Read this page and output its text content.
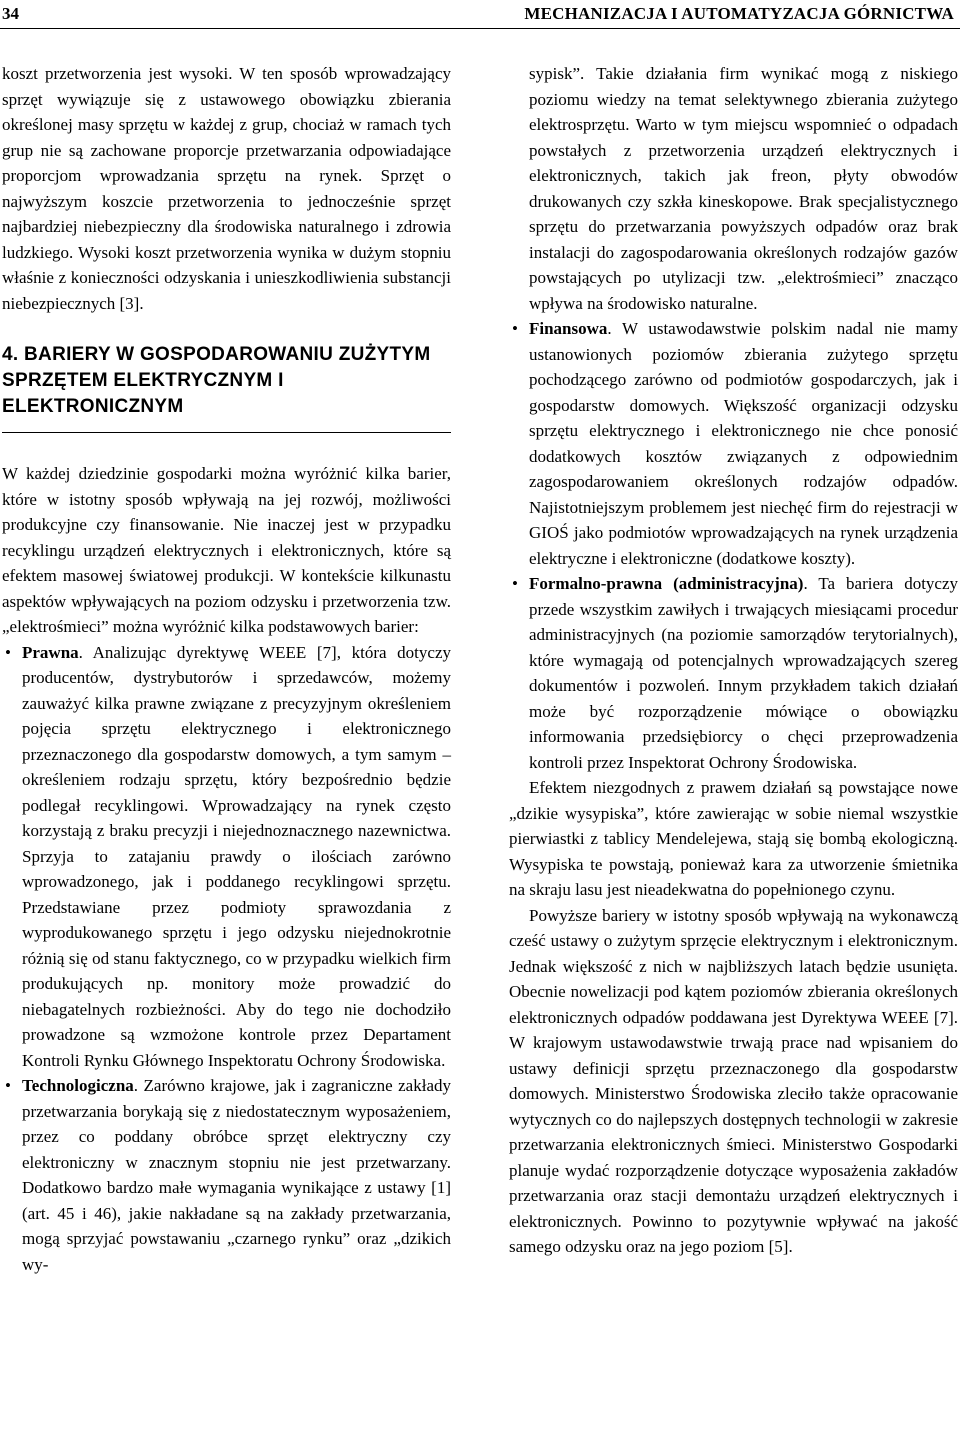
34	MECHANIZACJA I AUTOMATYZACJA GÓRNICTWA

koszt przetworzenia jest wysoki. W ten sposób wprowadzający sprzęt wywiązuje się z ustawowego obowiązku zbierania określonej masy sprzętu w każdej z grup, chociaż w ramach tych grup nie są zachowane proporcje przetwarzania odpowiadające proporcjom wprowadzania sprzętu na rynek. Sprzęt o najwyższym koszcie przetworzenia to jednocześnie sprzęt najbardziej niebezpieczny dla środowiska naturalnego i zdrowia ludzkiego. Wysoki koszt przetworzenia wynika w dużym stopniu właśnie z konieczności odzyskania i unieszkodliwienia substancji niebezpiecznych [3].

4. BARIERY W GOSPODAROWANIU ZUŻYTYM SPRZĘTEM ELEKTRYCZNYM I ELEKTRONICZNYM

W każdej dziedzinie gospodarki można wyróżnić kilka barier, które w istotny sposób wpływają na jej rozwój, możliwości produkcyjne czy finansowanie. Nie inaczej jest w przypadku recyklingu urządzeń elektrycznych i elektronicznych, które są efektem masowej światowej produkcji. W kontekście kilkunastu aspektów wpływających na poziom odzysku i przetworzenia tzw. „elektrośmieci” można wyróżnić kilka podstawowych barier:

• Prawna. Analizując dyrektywę WEEE [7], która dotyczy producentów, dystrybutorów i sprzedawców, możemy zauważyć kilka prawne związane z precyzyjnym określeniem pojęcia sprzętu elektrycznego i elektronicznego przeznaczonego dla gospodarstw domowych, a tym samym – określeniem rodzaju sprzętu, który bezpośrednio będzie podlegał recyklingowi. Wprowadzający na rynek często korzystają z braku precyzji i niejednoznacznego nazewnictwa. Sprzyja to zatajaniu prawdy o ilościach zarówno wprowadzonego, jak i poddanego recyklingowi sprzętu. Przedstawiane przez podmioty sprawozdania z wyprodukowanego sprzętu i jego odzysku niejednokrotnie różnią się od stanu faktycznego, co w przypadku wielkich firm produkujących np. monitory może prowadzić do niebagatelnych rozbieżności. Aby do tego nie dochodziło prowadzone są wzmożone kontrole przez Departament Kontroli Rynku Głównego Inspektoratu Ochrony Środowiska.
• Technologiczna. Zarówno krajowe, jak i zagraniczne zakłady przetwarzania borykają się z niedostatecznym wyposażeniem, przez co poddany obróbce sprzęt elektryczny czy elektroniczny w znacznym stopniu nie jest przetwarzany. Dodatkowo bardzo małe wymagania wynikające z ustawy [1] (art. 45 i 46), jakie nakładane są na zakłady przetwarzania, mogą sprzyjać powstawaniu „czarnego rynku” oraz „dzikich wy-

sypisk”. Takie działania firm wynikać mogą z niskiego poziomu wiedzy na temat selektywnego zbierania zużytego elektrosprzętu. Warto w tym miejscu wspomnieć o odpadach powstałych z przetworzenia urządzeń elektrycznych i elektronicznych, takich jak freon, płyty obwodów drukowanych czy szkła kineskopowe. Brak specjalistycznego sprzętu do przetwarzania powyższych odpadów oraz brak instalacji do zagospodarowania określonych rodzajów gazów powstających po utylizacji tzw. „elektrośmieci” znacząco wpływa na środowisko naturalne.

• Finansowa. W ustawodawstwie polskim nadal nie mamy ustanowionych poziomów zbierania zużytego sprzętu pochodzącego zarówno od podmiotów gospodarczych, jak i gospodarstw domowych. Większość organizacji odzysku sprzętu elektrycznego i elektronicznego nie chce ponosić dodatkowych kosztów związanych z odpowiednim zagospodarowaniem określonych rodzajów odpadów. Najistotniejszym problemem jest niechęć firm do rejestracji w GIOŚ jako podmiotów wprowadzających na rynek urządzenia elektryczne i elektroniczne (dodatkowe koszty).
• Formalno-prawna (administracyjna). Ta bariera dotyczy przede wszystkim zawiłych i trwających miesiącami procedur administracyjnych (na poziomie samorządów terytorialnych), które wymagają od potencjalnych wprowadzających szereg dokumentów i pozwoleń. Innym przykładem takich działań może być rozporządzenie mówiące o obowiązku informowania przedsiębiorcy o chęci przeprowadzenia kontroli przez Inspektorat Ochrony Środowiska.

Efektem niezgodnych z prawem działań są powstające nowe „dzikie wysypiska”, które zawierając w sobie niemal wszystkie pierwiastki z tablicy Mendelejewa, stają się bombą ekologiczną. Wysypiska te powstają, ponieważ kara za utworzenie śmietnika na skraju lasu jest nieadekwatna do popełnionego czynu.

Powyższe bariery w istotny sposób wpływają na wykonawczą cześć ustawy o zużytym sprzęcie elektrycznym i elektronicznym. Jednak większość z nich w najbliższych latach będzie usunięta. Obecnie nowelizacji pod kątem poziomów zbierania określonych elektronicznych odpadów poddawana jest Dyrektywa WEEE [7]. W krajowym ustawodawstwie trwają prace nad wpisaniem do ustawy definicji sprzętu przeznaczonego dla gospodarstw domowych. Ministerstwo Środowiska zleciło także opracowanie wytycznych co do najlepszych dostępnych technologii w zakresie przetwarzania elektronicznych śmieci. Ministerstwo Gospodarki planuje wydać rozporządzenie dotyczące wyposażenia zakładów przetwarzania oraz stacji demontażu urządzeń elektrycznych i elektronicznych. Powinno to pozytywnie wpływać na jakość samego odzysku oraz na jego poziom [5].
